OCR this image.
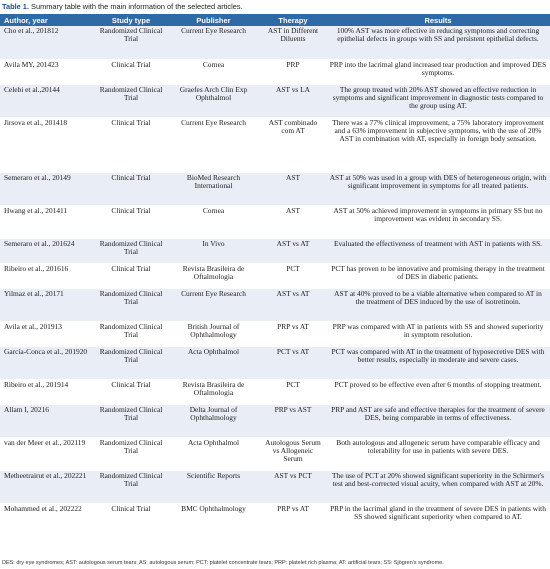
Table 1. Summary table with the main information of the selected articles.
Author, year	Study type	Publisher	Therapy	Results
Cho et al., 201812	Randomized Clinical Trial	Current Eye Research	AST in Different Diluents	100% AST was more effective in reducing symptoms and correcting epithelial defects in groups with SS and persistent epithelial defects.
Avila MY, 201423	Clinical Trial	Cornea	PRP	PRP into the lacrimal gland increased tear production and improved DES symptoms.
Celebi et al.,20144	Randomized Clinical Trial	Graefes Arch Clin Exp Ophthalmol	AST vs LA	The group treated with 20% AST showed an effective reduction in symptoms and significant improvement in diagnostic tests compared to the group using AT.
Jirsova et al., 201418	Clinical Trial	Current Eye Research	AST combinado com AT	There was a 77% clinical improvement, a 75% laboratory improvement and a 63% improvement in subjective symptoms, with the use of 20% AST in combination with AT, especially in foreign body sensation.
Semeraro et al., 20149	Clinical Trial	BioMed Research International	AST	AST at 50% was used in a group with DES of heterogeneous origin, with significant improvement in symptoms for all treated patients.
Hwang et al., 201411	Clinical Trial	Cornea	AST	AST at 50% achieved improvement in symptoms in primary SS but no improvement was evident in secondary SS.
Semeraro et al., 201624	Randomized Clinical Trial	In Vivo	AST vs AT	Evaluated the effectiveness of treatment with AST in patients with SS.
Ribeiro et al., 201616	Clinical Trial	Revista Brasileira de Oftalmologia	PCT	PCT has proven to be innovative and promising therapy in the treatment of DES in diabetic patients.
Yilmaz et al., 20171	Randomized Clinical Trial	Current Eye Research	AST vs AT	AST at 40% proved to be a viable alternative when compared to AT in the treatment of DES induced by the use of isotretinoin.
Avila et al., 201913	Randomized Clinical Trial	British Journal of Ophthalmology	PRP vs AT	PRP was compared with AT in patients with SS and showed superiority in symptom resolution.
García-Conca et al., 201920	Randomized Clinical Trial	Acta Ophthalmol	PCT vs AT	PCT was compared with AT in the treatment of hyposecretive DES with better results, especially in moderate and severe cases.
Ribeiro et al., 201914	Clinical Trial	Revista Brasileira de Oftalmologia	PCT	PCT proved to be effective even after 6 months of stopping treatment.
Allam I, 20216	Randomized Clinical Trial	Delta Journal of Ophthalmology	PRP vs AST	PRP and AST are safe and effective therapies for the treatment of severe DES, being comparable in terms of effectiveness.
van der Meer et al., 202119	Randomized Clinical Trial	Acta Ophthalmol	Autologous Serum vs Allogeneic Serum	Both autologous and allogeneic serum have comparable efficacy and tolerability for use in patients with severe DES.
Metheetrairut et al., 202221	Randomized Clinical Trial	Scientific Reports	AST vs PCT	The use of PCT at 20% showed significant superiority in the Schirmer's test and best-corrected visual acuity, when compared with AST at 20%.
Mohammed et al., 202222	Clinical Trial	BMC Ophthalmology	PRP vs AT	PRP in the lacrimal gland in the treatment of severe DES in patients with SS showed significant superiority when compared to AT.
DES: dry eye syndromes; AST: autologous serum tears; AS: autologous serum; PCT: platelet concentrate tears; PRP: platelet rich plasma; AT: artificial tears; SS: Sjögren's syndrome.
